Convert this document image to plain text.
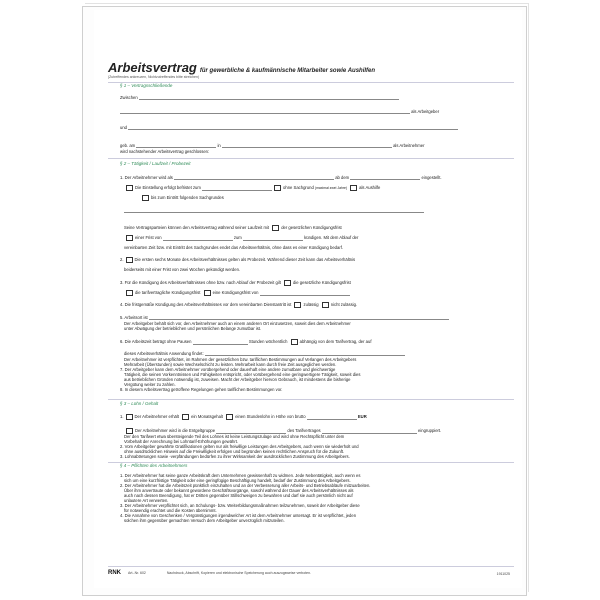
Arbeitsvertrag für gewerbliche & kaufmännische Mitarbeiter sowie Aushilfen
(Zutreffendes ankreuzen, Nichtzutreffendes bitte streichen)
§ 1 – Vertragsschließende
Zwischen
als Arbeitgeber
und
geb. am	in	als Arbeitnehmer
wird nachstehender Arbeitsvertrag geschlossen:
§ 2 – Tätigkeit / Laufzeit / Probezeit
1. Der Arbeitnehmer wird als	ab dem	eingestellt.
Die Einstellung erfolgt befristet zum	ohne Sachgrund (maximal zwei Jahre)	als Aushilfe
bis zum Eintritt folgenden Sachgrundes
Seine Vertragsparteien können den Arbeitsvertrag während seiner Laufzeit mit	der gesetzlichen Kündigungsfrist
einer Frist von	zum	kündigen. Mit dem Ablauf der
vereinbarten Zeit bzw. mit Eintritt des Sachgrundes endet das Arbeitsverhältnis, ohne dass es einer Kündigung bedarf.
2.	Die ersten sechs Monate des Arbeitsverhältnisses gelten als Probezeit. Während dieser Zeit kann das Arbeitsverhältnis
beiderseits mit einer Frist von zwei Wochen gekündigt werden.
3. Für die Kündigung des Arbeitsverhältnisses ohne bzw. nach Ablauf der Probezeit gilt	die gesetzliche Kündigungsfrist
die tarifvertragliche Kündigungsfrist	eine Kündigungsfrist von
4. Die fristgemäße Kündigung des Arbeitsverhältnisses vor dem vereinbarten Dienstantritt ist	zulässig	nicht zulässig.
5. Arbeitsort ist
Der Arbeitgeber behält sich vor, den Arbeitnehmer auch an einem anderen Ort einzusetzen, soweit dies dem Arbeitnehmer
unter Abwägung der betrieblichen und persönlichen Belange zumutbar ist.
6. Die Arbeitszeit beträgt ohne Pausen	Stunden wöchentlich	abhängig von dem Tarifvertrag, der auf
dieses Arbeitsverhältnis Anwendung findet:
Der Arbeitnehmer ist verpflichtet, im Rahmen der gesetzlichen bzw. tariflichen Bestimmungen auf Verlangen des Arbeitgebers
Mehrarbeit (Überstunden) sowie Wechselschicht zu leisten. Mehrarbeit kann durch freie Zeit ausgeglichen werden.
7. Der Arbeitgeber kann dem Arbeitnehmer vorübergehend oder dauerhaft eine andere zumutbare und gleichwertige
Tätigkeit, die seinen Vorkenntnissen und Fähigkeiten entspricht, oder vorübergehend eine geringwertigere Tätigkeit, soweit dies
aus betrieblichen Gründen notwendig ist, zuweisen. Macht der Arbeitgeber hiervon Gebrauch, ist mindestens die bisherige
Vergütung weiter zu zahlen.
8. In diesem Arbeitsvertrag getroffene Regelungen gehen tariflichen Bestimmungen vor.
§ 3 – Lohn / Gehalt
1.	Der Arbeitnehmer erhält	ein Monatsgehalt	einen Stundenlohn in Höhe von brutto	EUR
Der Arbeitnehmer wird in die Entgeltgruppe	des Tarifvertrages	eingruppiert.
Der den Tarifwert etwa übersteigende Teil des Lohnes ist keine Leistungszulage und wird ohne Rechtspflicht unter dem
Vorbehalt der Anrechnung bei Lohntarif-Erhöhungen gewährt.
2. Vom Arbeitgeber gewährte Gratifikationen gelten nur als freiwillige Leistungen des Arbeitgebers, auch wenn sie wiederholt und
ohne ausdrücklichen Hinweis auf die Freiwilligkeit erfolgen und begründen keinen rechtlichen Anspruch für die Zukunft.
3. Lohnabtretungen sowie -verpfändungen bedürfen zu ihrer Wirksamkeit der ausdrücklichen Zustimmung des Arbeitgebers.
§ 4 – Pflichten des Arbeitnehmers
1. Der Arbeitnehmer hat seine ganze Arbeitskraft dem Unternehmen gewissenhaft zu widmen. Jede Nebentätigkeit, auch wenn es
sich um eine kurzfristige Tätigkeit oder eine geringfügige Beschäftigung handelt, bedarf der Zustimmung des Arbeitgebers.
2. Der Arbeitnehmer hat die Arbeitszeit pünktlich einzuhalten und an der Verbesserung aller Arbeits- und Betriebsabläufe mitzuarbeiten.
Über ihm anvertraute oder bekannt gewordene Geschäftsvorgänge, sowohl während der Dauer des Arbeitsverhältnisses als
auch nach dessen Beendigung, hat er Dritten gegenüber Stillschweigen zu bewahren und darf sie auch persönlich nicht auf
unlautere Art verwerten.
3. Der Arbeitnehmer verpflichtet sich, an Schulungs- bzw. Weiterbildungsmaßnahmen teilzunehmen, soweit der Arbeitgeber diese
für notwendig erachtet und die Kosten übernimmt.
4. Die Annahme von Geschenken / Vergünstigungen irgendwelcher Art ist dem Arbeitnehmer untersagt. Er ist verpflichtet, jeden
solchen ihm gegenüber gemachten Versuch dem Arbeitgeber unverzüglich mitzuteilen.
RNK Art.-Nr. 602	Nachdruck, Abschrift, Kopieren und elektronische Speicherung auch auszugsweise verboten.	1911025
